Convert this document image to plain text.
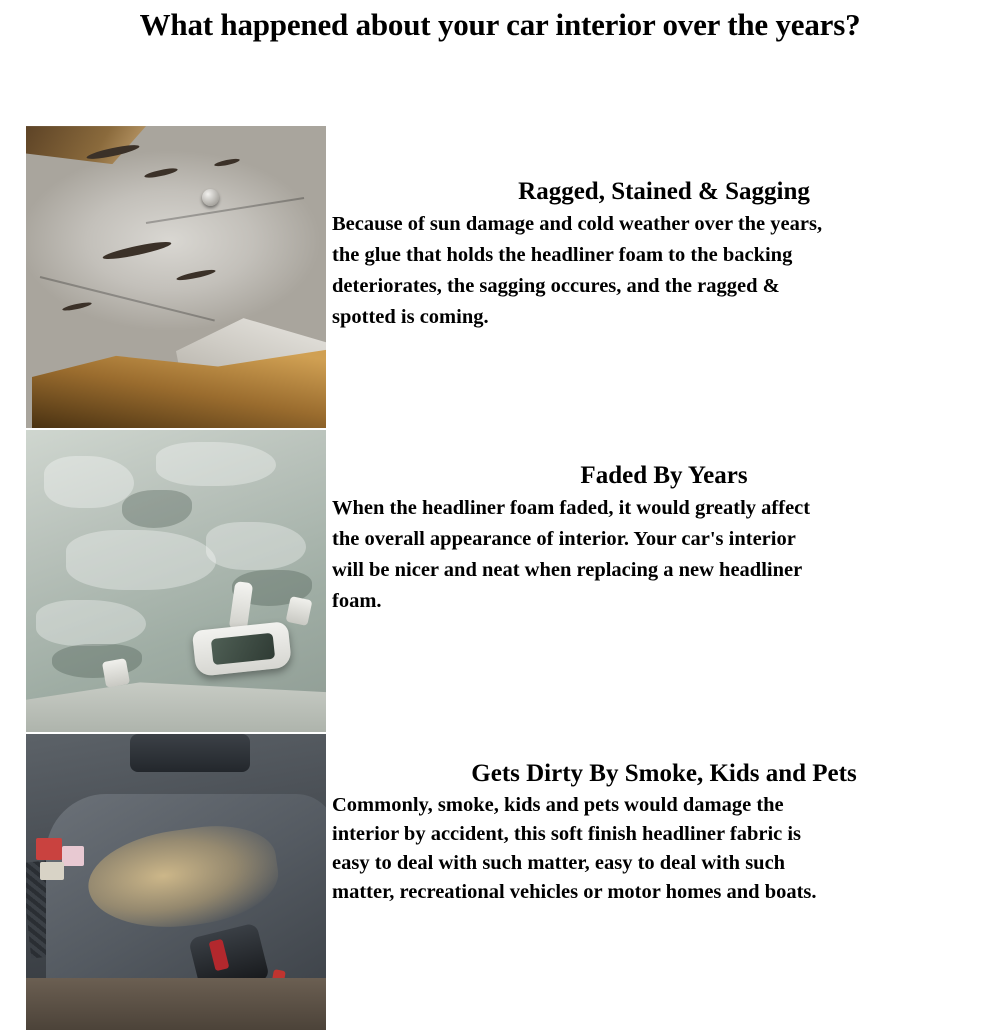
What happened about your car interior over the years?
Ragged, Stained & Sagging
Because of sun damage and cold weather over the years,
the glue that holds the headliner foam to the backing
deteriorates, the sagging occures, and the ragged &
spotted is coming.
Faded By Years
When the headliner foam faded, it would greatly affect
the overall appearance of interior. Your car's interior
will be nicer and neat when replacing a new headliner
foam.
Gets Dirty By Smoke, Kids and Pets
Commonly, smoke, kids and pets would damage the
interior by accident, this soft finish headliner fabric is
easy to deal with such matter, easy to deal with such
matter, recreational vehicles or motor homes and boats.
